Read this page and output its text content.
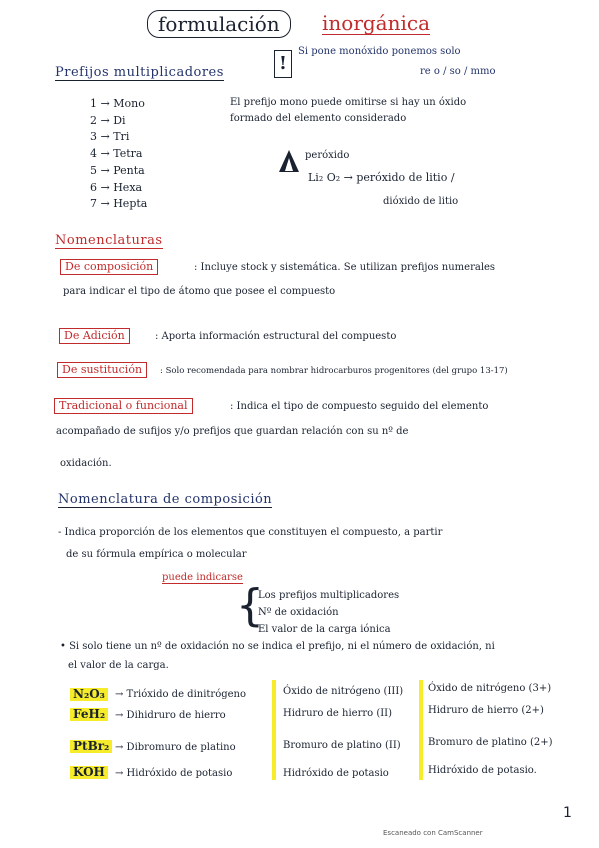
formulación	inorgánica
Prefijos multiplicadores
1 → Mono
2 → Di
3 → Tri
4 → Tetra
5 → Penta
6 → Hexa
7 → Hepta
!
Si pone monóxido ponemos solo
re o / so / mmo
El prefijo mono puede omitirse si hay un óxido
formado del elemento considerado
peróxido
Li₂ O₂ → peróxido de litio /
dióxido de litio
Nomenclaturas
De composición	: Incluye stock y sistemática. Se utilizan prefijos numerales
para indicar el tipo de átomo que posee el compuesto
De Adición	: Aporta información estructural del compuesto
De sustitución	: Solo recomendada para nombrar hidrocarburos progenitores (del grupo 13-17)
Tradicional o funcional	: Indica el tipo de compuesto seguido del elemento
acompañado de sufijos y/o prefijos que guardan relación con su nº de
oxidación.
Nomenclatura de composición
- Indica proporción de los elementos que constituyen el compuesto, a partir
de su fórmula empírica o molecular
puede indicarse
{
Los prefijos multiplicadores
Nº de oxidación
El valor de la carga iónica
• Si solo tiene un nº de oxidación no se indica el prefijo, ni el número de oxidación, ni
el valor de la carga.
N₂O₃	→ Trióxido de dinitrógeno	Óxido de nitrógeno (III) Óxido de nitrógeno (3+)
FeH₂ → Dihidruro de hierro	Hidruro de hierro (II)	Hidruro de hierro (2+)
PtBr₂ → Dibromuro de platino	Bromuro de platino (II)	Bromuro de platino (2+)
KOH	→ Hidróxido de potasio	Hidróxido de potasio	Hidróxido de potasio.
Escaneado con CamScanner
1
